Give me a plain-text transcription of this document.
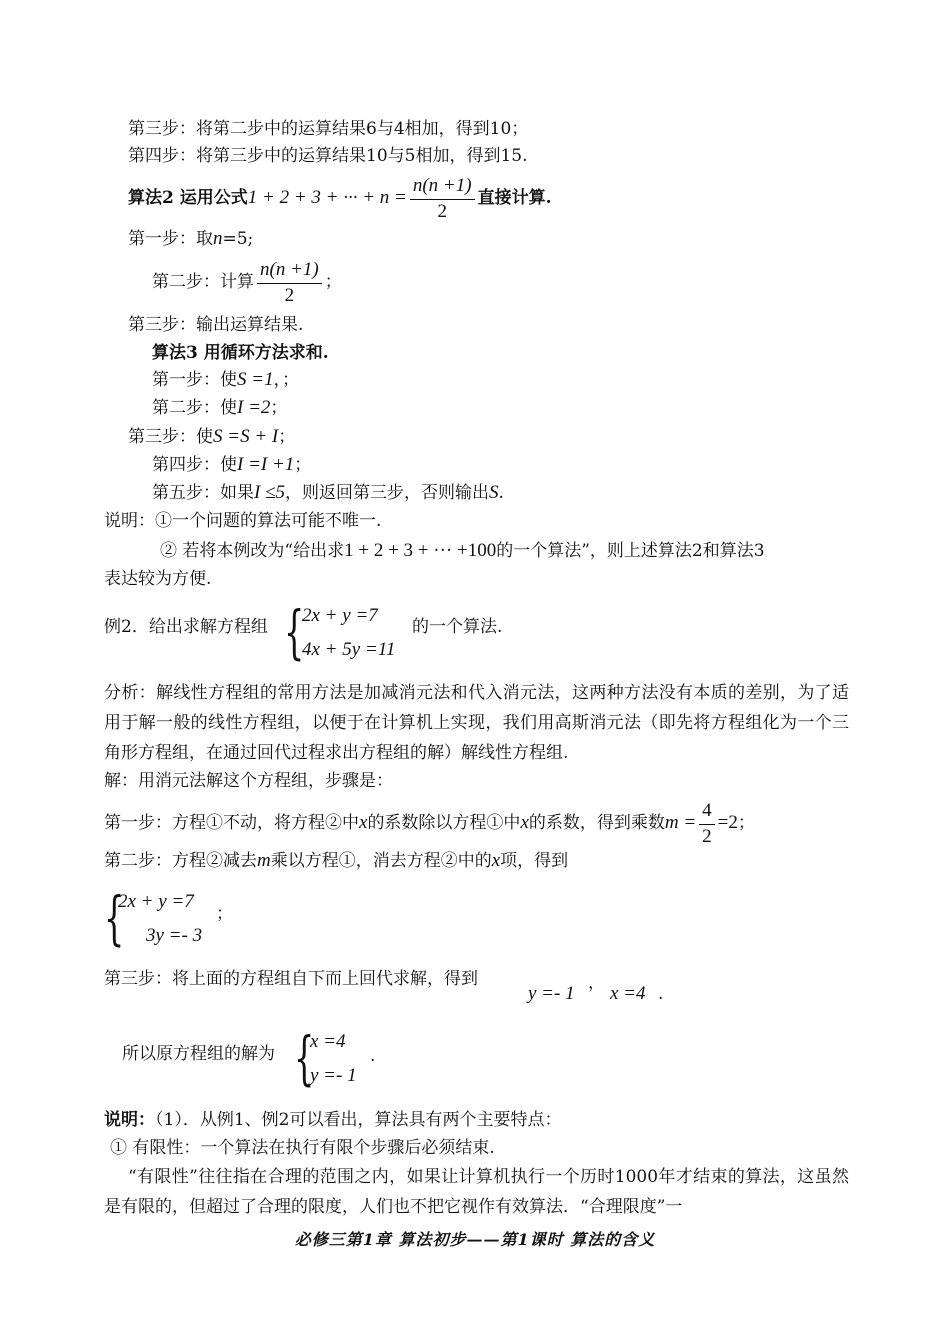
第三步：将第二步中的运算结果6与4相加，得到10；
第四步：将第三步中的运算结果10与5相加，得到15.
算法2 运用公式1 + 2 + 3 + ··· + $n = \frac{n(n +1)}{2}$ 直接计算.
第一步：取n=5;
第二步：计算 $\frac{n(n +1)}{2}$ ；
第三步：输出运算结果.
算法3 用循环方法求和.
第一步：使S =1，；
第二步：使I =2；
第三步：使S =S + I；
第四步：使I =I +1；
第五步：如果I ≤5，则返回第三步，否则输出S.
说明：①一个问题的算法可能不唯一.
② 若将本例改为“给出求1 + 2 + 3 + ··· +100的一个算法”，则上述算法2和算法3
表达较为方便.
例2．给出求解方程组 {
2x + y =7
4x + 5y =11
的一个算法.
分析：解线性方程组的常用方法是加减消元法和代入消元法，这两种方法没有本质的差别，为了适用于解一般的线性方程组，以便于在计算机上实现，我们用高斯消元法（即先将方程组化为一个三角形方程组，在通过回代过程求出方程组的解）解线性方程组.
解：用消元法解这个方程组，步骤是：
第一步：方程①不动，将方程②中x的系数除以方程①中x的系数，得到乘数$m = \frac{4}{2} =2$；
第二步：方程②减去m乘以方程①，消去方程②中的x项，得到
{
2x + y =7
3y =- 3
；
第三步：将上面的方程组自下而上回代求解，得到
y =- 1 ， x =4 .
所以原方程组的解为 {
x =4
y =- 1
.
说明：（1）．从例1、例2可以看出，算法具有两个主要特点：
① 有限性：一个算法在执行有限个步骤后必须结束.
“有限性”往往指在合理的范围之内，如果让计算机执行一个历时1000年才结束的算法，这虽然是有限的，但超过了合理的限度，人们也不把它视作有效算法．“合理限度”一
必修三第1章 算法初步——第1课时 算法的含义
